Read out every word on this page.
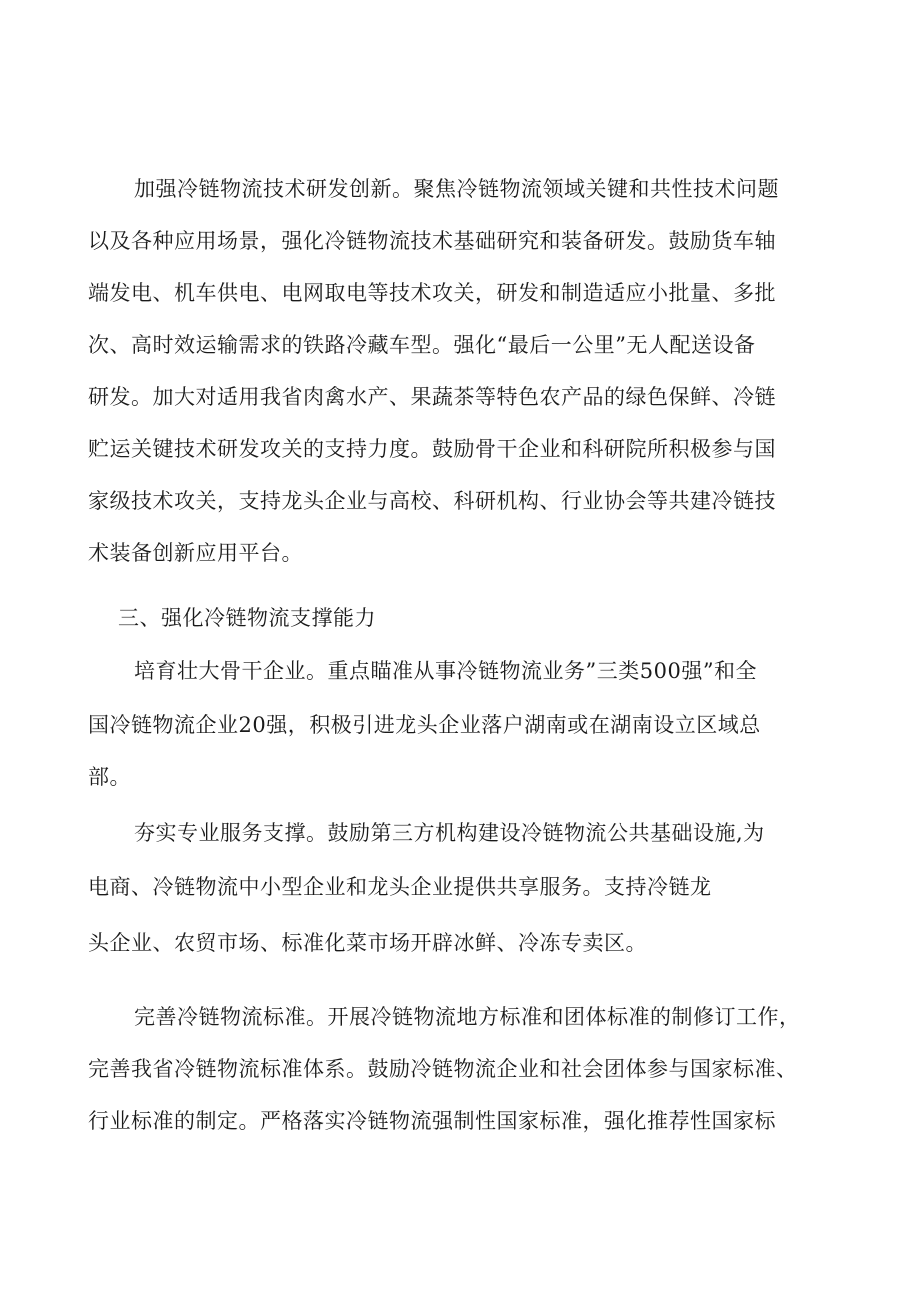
加强冷链物流技术研发创新。聚焦冷链物流领域关键和共性技术问题

以及各种应用场景，强化冷链物流技术基础研究和装备研发。鼓励货车轴

端发电、机车供电、电网取电等技术攻关，研发和制造适应小批量、多批

次、高时效运输需求的铁路冷藏车型。强化“最后一公里”无人配送设备

研发。加大对适用我省肉禽水产、果蔬茶等特色农产品的绿色保鲜、冷链

贮运关键技术研发攻关的支持力度。鼓励骨干企业和科研院所积极参与国

家级技术攻关，支持龙头企业与高校、科研机构、行业协会等共建冷链技

术装备创新应用平台。

三、强化冷链物流支撑能力

培育壮大骨干企业。重点瞄准从事冷链物流业务”三类500强”和全

国冷链物流企业20强，积极引进龙头企业落户湖南或在湖南设立区域总

部。

夯实专业服务支撑。鼓励第三方机构建设冷链物流公共基础设施,为

电商、冷链物流中小型企业和龙头企业提供共享服务。支持冷链龙

头企业、农贸市场、标准化菜市场开辟冰鲜、冷冻专卖区。

完善冷链物流标准。开展冷链物流地方标准和团体标准的制修订工作，

完善我省冷链物流标准体系。鼓励冷链物流企业和社会团体参与国家标准、

行业标准的制定。严格落实冷链物流强制性国家标准，强化推荐性国家标
